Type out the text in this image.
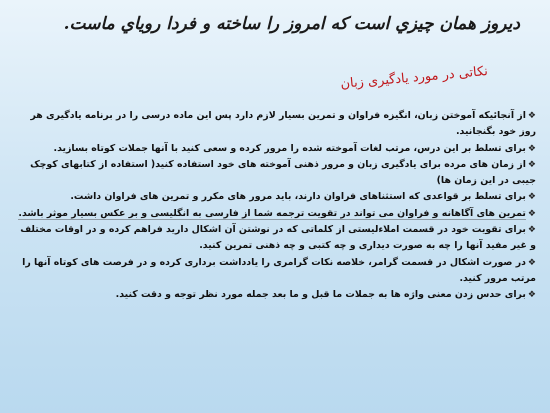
دیروز همان چیزي است که امروز را ساخته و فردا روياي ماست.
نکاتی در مورد یادگیری زبان
❖از آنجائیکه آموختن زبان، انگیزه فراوان و تمرین بسیار لازم دارد پس این ماده درسی را در برنامه یادگیری هر روز خود بگنجانید.
❖برای تسلط بر این درس، مرتب لغات آموخته شده را مرور کرده و سعی کنید با آنها جملات کوتاه بسازید.
❖از زمان های مرده برای یادگیری زبان و مرور ذهنی آموخته های خود استفاده کنید( استفاده از کتابهای کوچک جیبی در این زمان ها)
❖برای تسلط بر قواعدی که استثناهای فراوان دارند، باید مرور های مکرر و تمرین های فراوان داشت.
❖تمرین های آگاهانه و فراوان می تواند در تقویت ترجمه شما از فارسی به انگلیسی و بر عکس بسیار موثر باشد.
❖برای تقویت خود در قسمت املاءلیستی از کلماتی که در نوشتن آن اشکال دارید فراهم کرده و در اوقات مختلف و غیر مفید آنها را چه به صورت دیداری و چه کتبی و چه ذهنی تمرین کنید.
❖در صورت اشکال در قسمت گرامر، خلاصه نکات گرامری را یادداشت برداری کرده و در فرصت های کوتاه آنها را مرتب مرور کنید.
❖برای حدس زدن معنی واژه ها به جملات ما قبل و ما بعد جمله مورد نظر توجه و دقت کنید.
